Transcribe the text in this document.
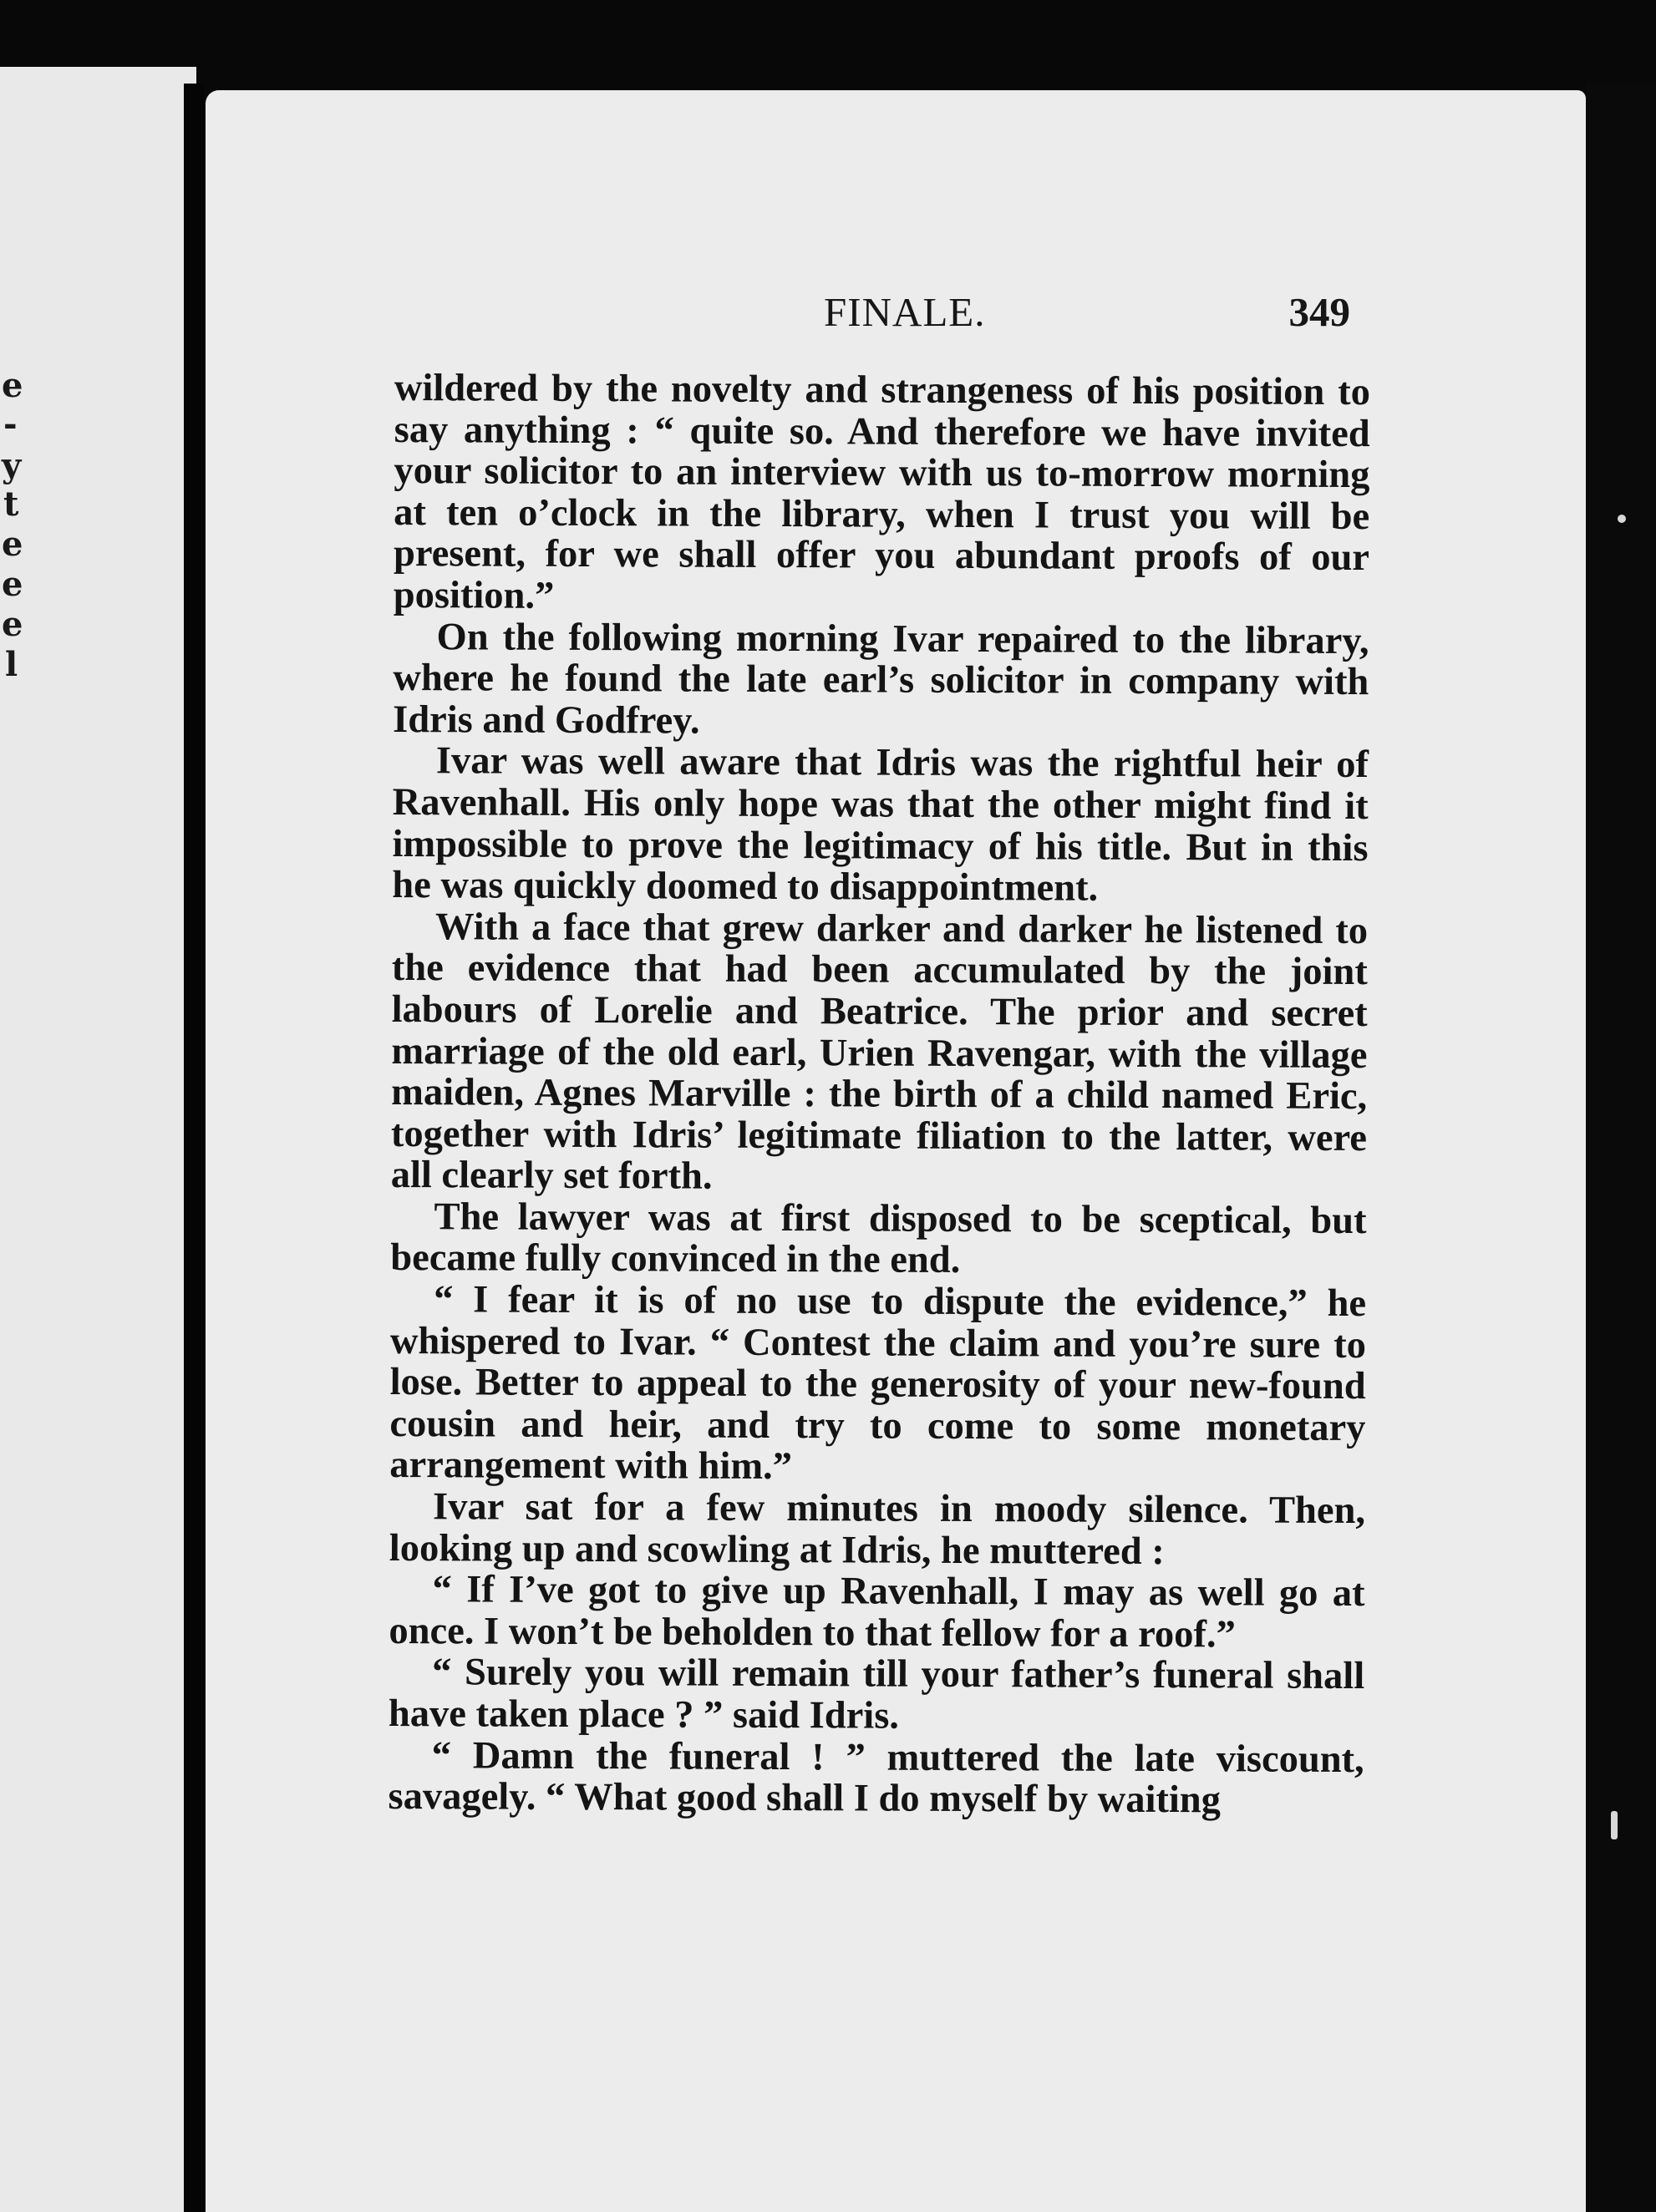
e
-
y
t
e
e
e
l
FINALE.	349

wildered by the novelty and strangeness of his position to say anything : “ quite so. And therefore we have invited your solicitor to an interview with us to-morrow morning at ten o’clock in the library, when I trust you will be present, for we shall offer you abundant proofs of our position.”

On the following morning Ivar repaired to the library, where he found the late earl’s solicitor in company with Idris and Godfrey.

Ivar was well aware that Idris was the rightful heir of Ravenhall. His only hope was that the other might find it impossible to prove the legitimacy of his title. But in this he was quickly doomed to disappointment.

With a face that grew darker and darker he listened to the evidence that had been accumulated by the joint labours of Lorelie and Beatrice. The prior and secret marriage of the old earl, Urien Ravengar, with the village maiden, Agnes Marville : the birth of a child named Eric, together with Idris’ legitimate filiation to the latter, were all clearly set forth.

The lawyer was at first disposed to be sceptical, but became fully convinced in the end.

“ I fear it is of no use to dispute the evidence,” he whispered to Ivar. “ Contest the claim and you’re sure to lose. Better to appeal to the generosity of your new-found cousin and heir, and try to come to some monetary arrangement with him.”

Ivar sat for a few minutes in moody silence. Then, looking up and scowling at Idris, he muttered :

“ If I’ve got to give up Ravenhall, I may as well go at once. I won’t be beholden to that fellow for a roof.”

“ Surely you will remain till your father’s funeral shall have taken place ? ” said Idris.

“ Damn the funeral ! ” muttered the late viscount, savagely. “ What good shall I do myself by waiting
